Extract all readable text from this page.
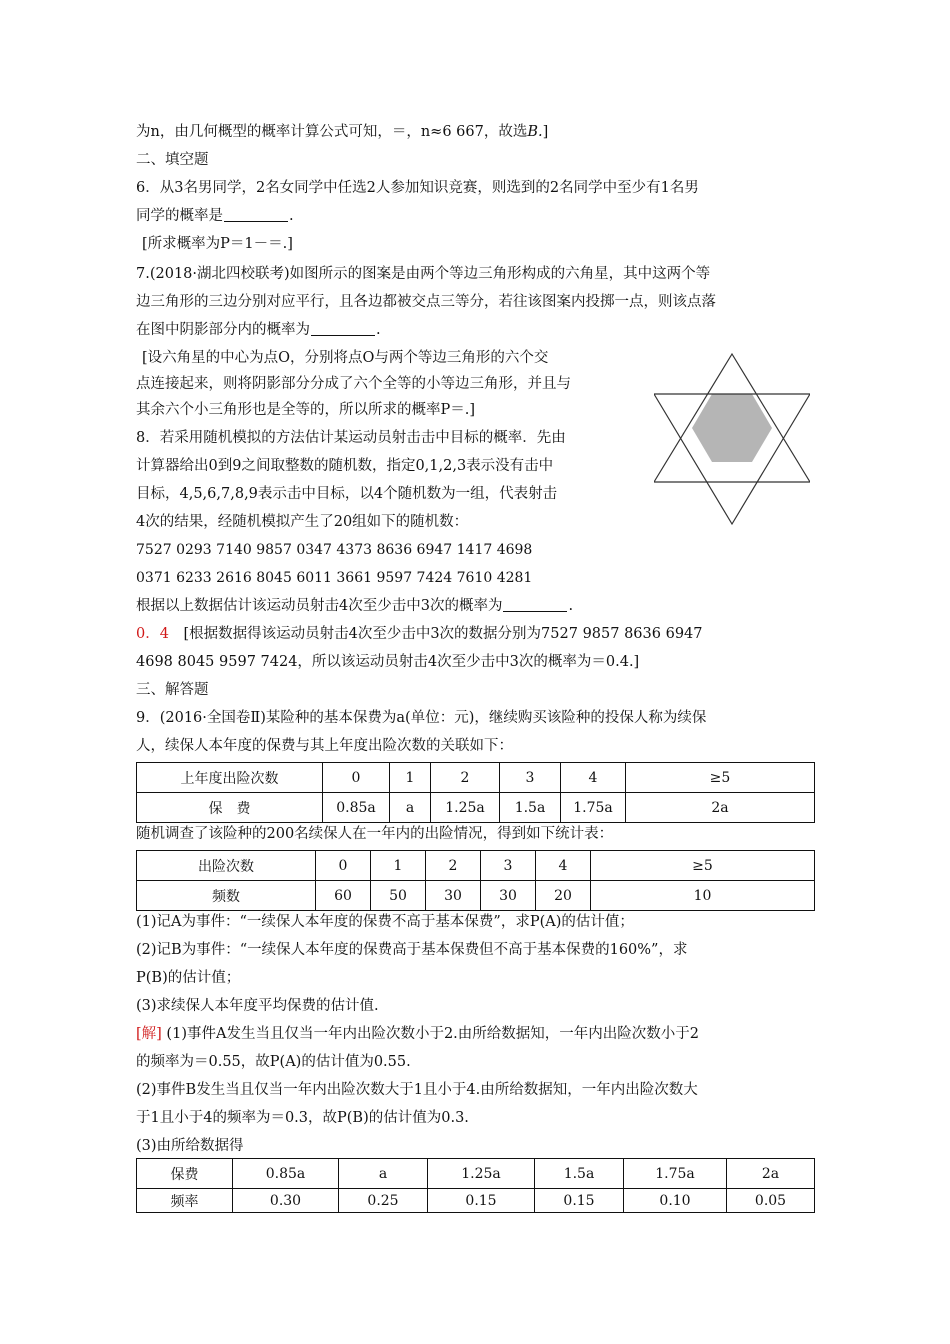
为n，由几何概型的概率计算公式可知，＝，n≈6 667，故选B.]
二、填空题
6．从3名男同学，2名女同学中任选2人参加知识竞赛，则选到的2名同学中至少有1名男
同学的概率是	.
[所求概率为P＝1－＝.]
7.(2018·湖北四校联考)如图所示的图案是由两个等边三角形构成的六角星，其中这两个等
边三角形的三边分别对应平行，且各边都被交点三等分，若往该图案内投掷一点，则该点落
在图中阴影部分内的概率为	.
[设六角星的中心为点O，分别将点O与两个等边三角形的六个交
点连接起来，则将阴影部分分成了六个全等的小等边三角形，并且与
其余六个小三角形也是全等的，所以所求的概率P＝.]
8．若采用随机模拟的方法估计某运动员射击击中目标的概率．先由
计算器给出0到9之间取整数的随机数，指定0,1,2,3表示没有击中
目标，4,5,6,7,8,9表示击中目标，以4个随机数为一组，代表射击
4次的结果，经随机模拟产生了20组如下的随机数：
7527 0293 7140 9857 0347 4373 8636 6947 1417 4698
0371 6233 2616 8045 6011 3661 9597 7424 7610 4281
根据以上数据估计该运动员射击4次至少击中3次的概率为	.
0．4　 [根据数据得该运动员射击4次至少击中3次的数据分别为7527 9857 8636 6947
4698 8045 9597 7424，所以该运动员射击4次至少击中3次的概率为＝0.4.]
三、解答题
9．(2016·全国卷Ⅱ)某险种的基本保费为a(单位：元)，继续购买该险种的投保人称为续保
人，续保人本年度的保费与其上年度出险次数的关联如下：
上年度出险次数	0	1	2	3	4	≥5
保　费	0.85a	a	1.25a	1.5a	1.75a	2a
随机调查了该险种的200名续保人在一年内的出险情况，得到如下统计表：
出险次数	0	1	2	3	4	≥5
频数	60	50	30	30	20	10
(1)记A为事件：“一续保人本年度的保费不高于基本保费”，求P(A)的估计值；
(2)记B为事件：“一续保人本年度的保费高于基本保费但不高于基本保费的160%”，求
P(B)的估计值；
(3)求续保人本年度平均保费的估计值.
[解] (1)事件A发生当且仅当一年内出险次数小于2.由所给数据知，一年内出险次数小于2
的频率为＝0.55，故P(A)的估计值为0.55.
(2)事件B发生当且仅当一年内出险次数大于1且小于4.由所给数据知，一年内出险次数大
于1且小于4的频率为＝0.3，故P(B)的估计值为0.3.
(3)由所给数据得
保费	0.85a	a	1.25a	1.5a	1.75a	2a
频率	0.30	0.25	0.15	0.15	0.10	0.05
